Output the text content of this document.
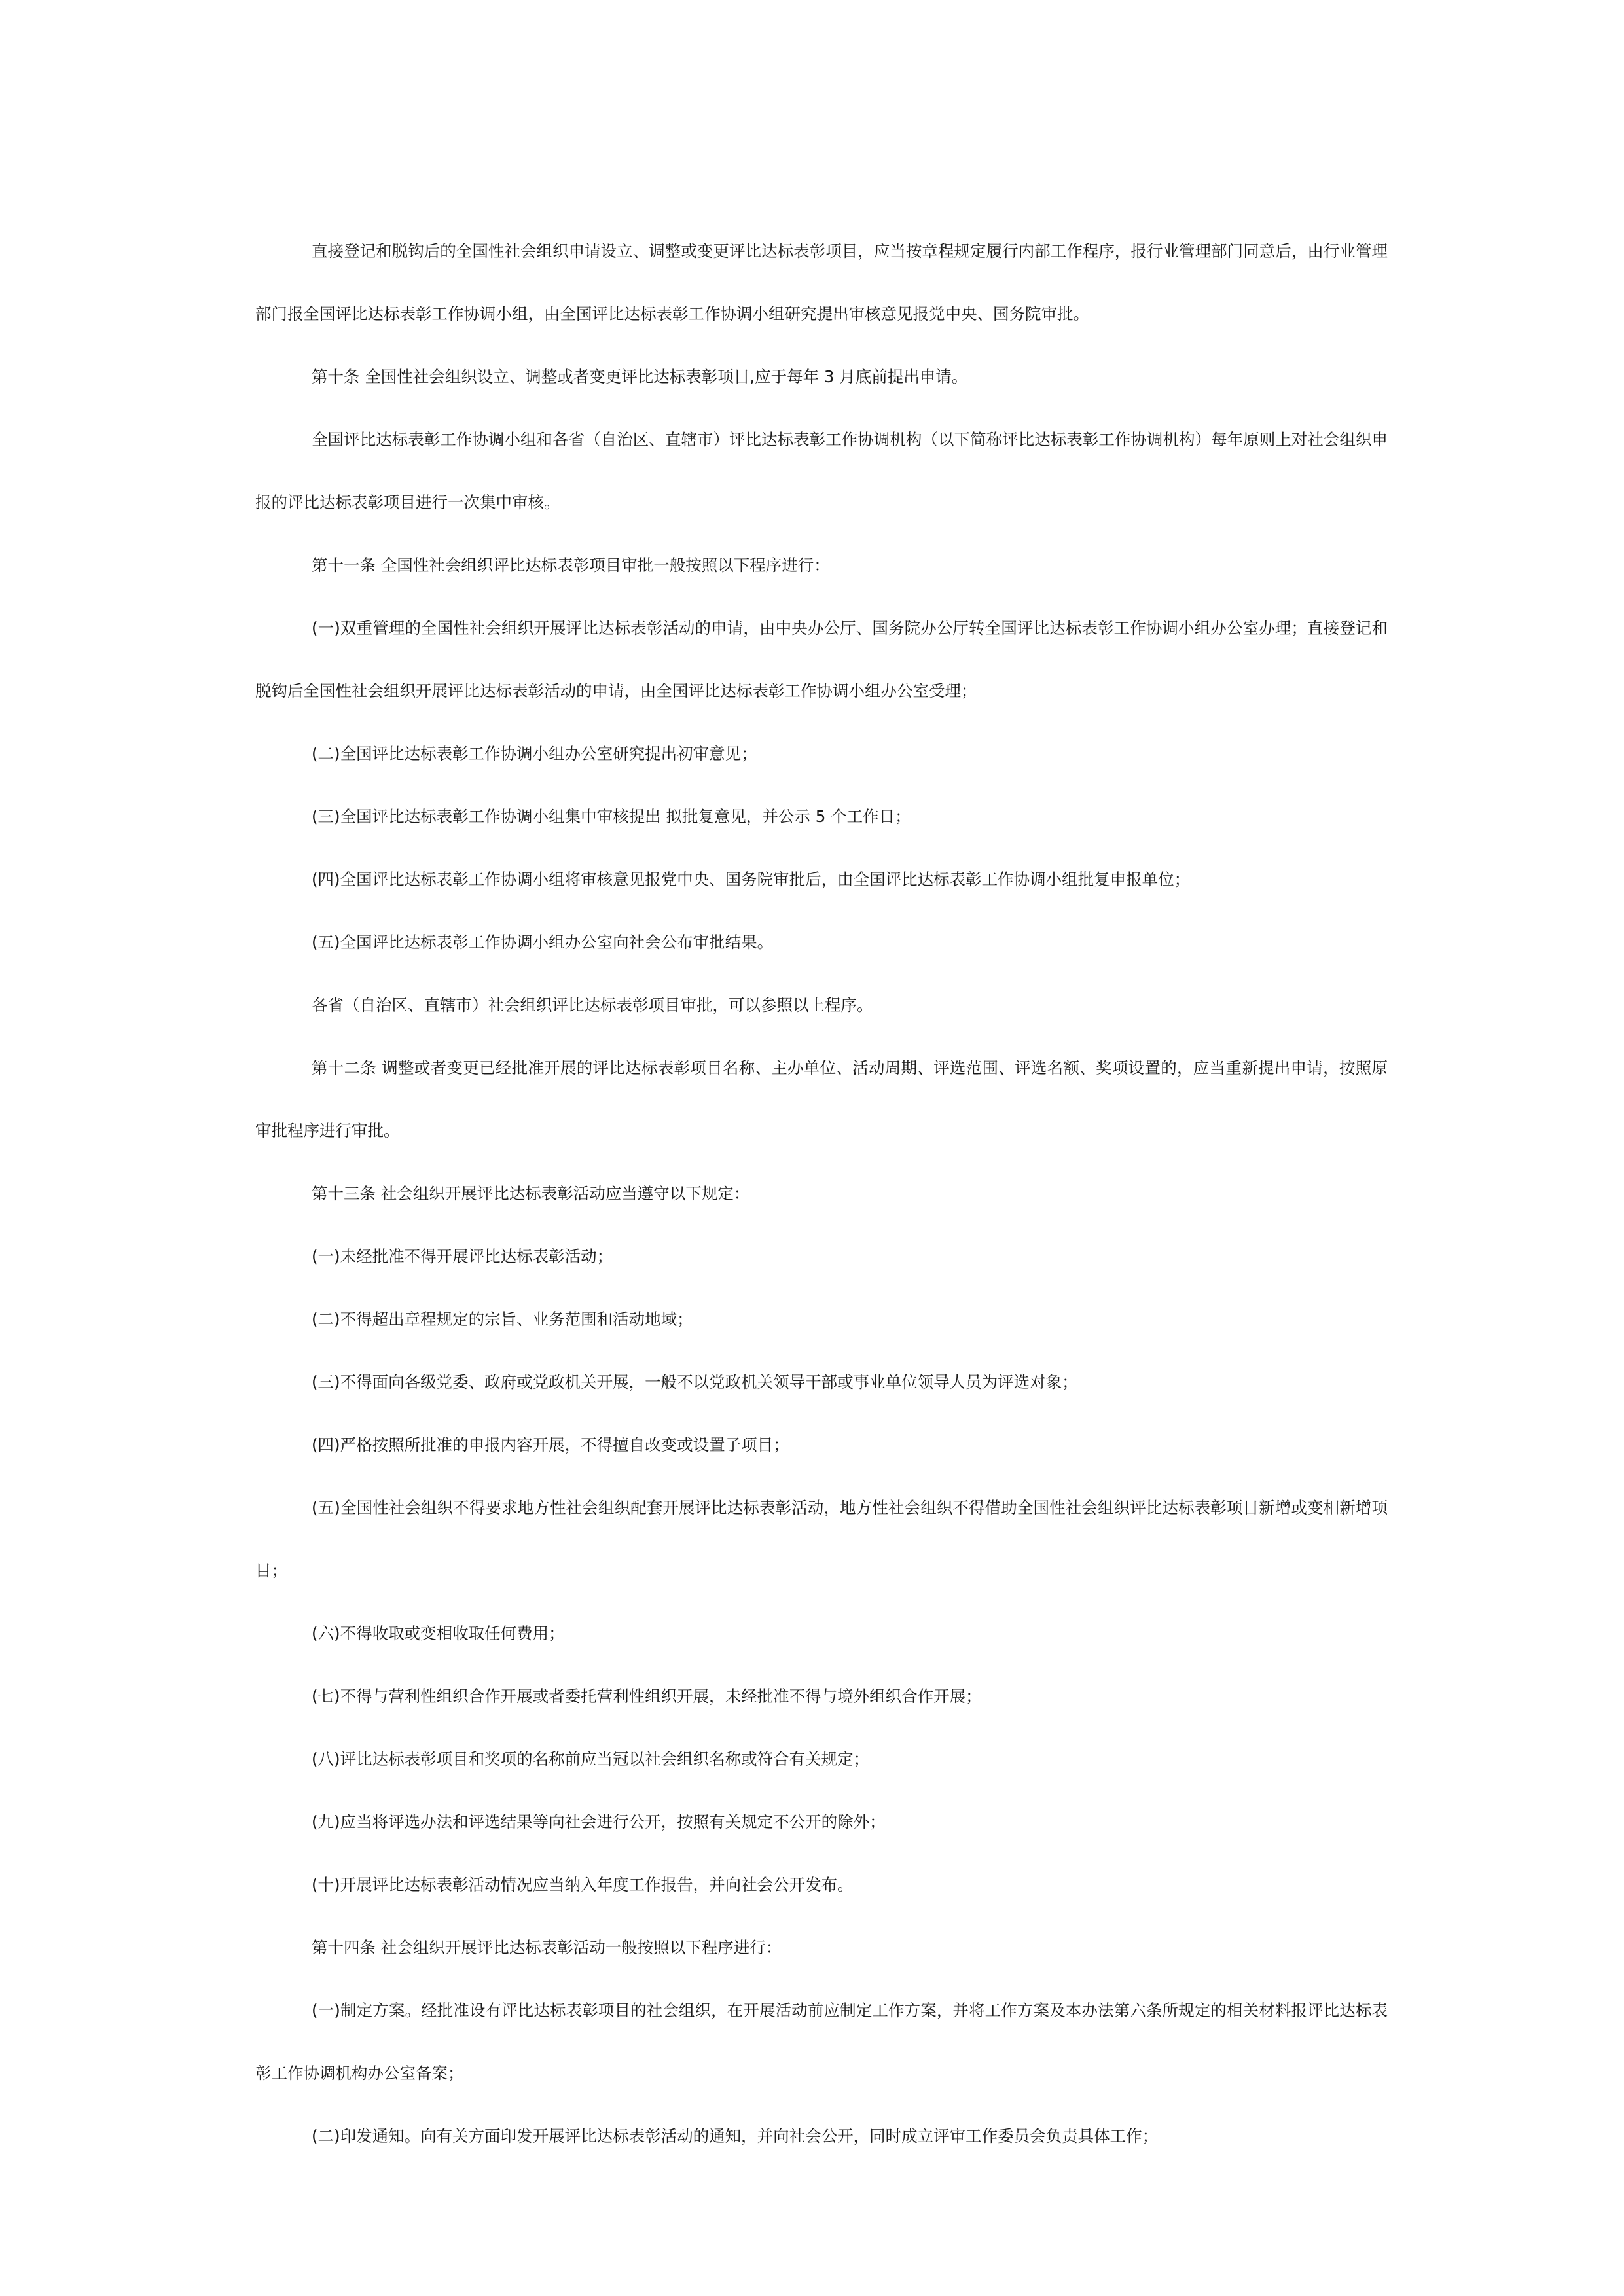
直接登记和脱钩后的全国性社会组织申请设立、调整或变更评比达标表彰项目，应当按章程规定履行内部工作程序，报行业管理部门同意后，由行业管理部门报全国评比达标表彰工作协调小组，由全国评比达标表彰工作协调小组研究提出审核意见报党中央、国务院审批。

第十条 全国性社会组织设立、调整或者变更评比达标表彰项目,应于每年 3 月底前提出申请。

全国评比达标表彰工作协调小组和各省（自治区、直辖市）评比达标表彰工作协调机构（以下简称评比达标表彰工作协调机构）每年原则上对社会组织申报的评比达标表彰项目进行一次集中审核。

第十一条 全国性社会组织评比达标表彰项目审批一般按照以下程序进行：

(一)双重管理的全国性社会组织开展评比达标表彰活动的申请，由中央办公厅、国务院办公厅转全国评比达标表彰工作协调小组办公室办理；直接登记和脱钩后全国性社会组织开展评比达标表彰活动的申请，由全国评比达标表彰工作协调小组办公室受理；

(二)全国评比达标表彰工作协调小组办公室研究提出初审意见；

(三)全国评比达标表彰工作协调小组集中审核提出 拟批复意见，并公示 5 个工作日；

(四)全国评比达标表彰工作协调小组将审核意见报党中央、国务院审批后，由全国评比达标表彰工作协调小组批复申报单位；

(五)全国评比达标表彰工作协调小组办公室向社会公布审批结果。

各省（自治区、直辖市）社会组织评比达标表彰项目审批，可以参照以上程序。

第十二条 调整或者变更已经批准开展的评比达标表彰项目名称、主办单位、活动周期、评选范围、评选名额、奖项设置的，应当重新提出申请，按照原审批程序进行审批。

第十三条 社会组织开展评比达标表彰活动应当遵守以下规定：

(一)未经批准不得开展评比达标表彰活动；

(二)不得超出章程规定的宗旨、业务范围和活动地域；

(三)不得面向各级党委、政府或党政机关开展，一般不以党政机关领导干部或事业单位领导人员为评选对象；

(四)严格按照所批准的申报内容开展，不得擅自改变或设置子项目；

(五)全国性社会组织不得要求地方性社会组织配套开展评比达标表彰活动，地方性社会组织不得借助全国性社会组织评比达标表彰项目新增或变相新增项目；

(六)不得收取或变相收取任何费用；

(七)不得与营利性组织合作开展或者委托营利性组织开展，未经批准不得与境外组织合作开展；

(八)评比达标表彰项目和奖项的名称前应当冠以社会组织名称或符合有关规定；

(九)应当将评选办法和评选结果等向社会进行公开，按照有关规定不公开的除外；

(十)开展评比达标表彰活动情况应当纳入年度工作报告，并向社会公开发布。

第十四条 社会组织开展评比达标表彰活动一般按照以下程序进行：

(一)制定方案。经批准设有评比达标表彰项目的社会组织，在开展活动前应制定工作方案，并将工作方案及本办法第六条所规定的相关材料报评比达标表彰工作协调机构办公室备案；

(二)印发通知。向有关方面印发开展评比达标表彰活动的通知，并向社会公开，同时成立评审工作委员会负责具体工作；
